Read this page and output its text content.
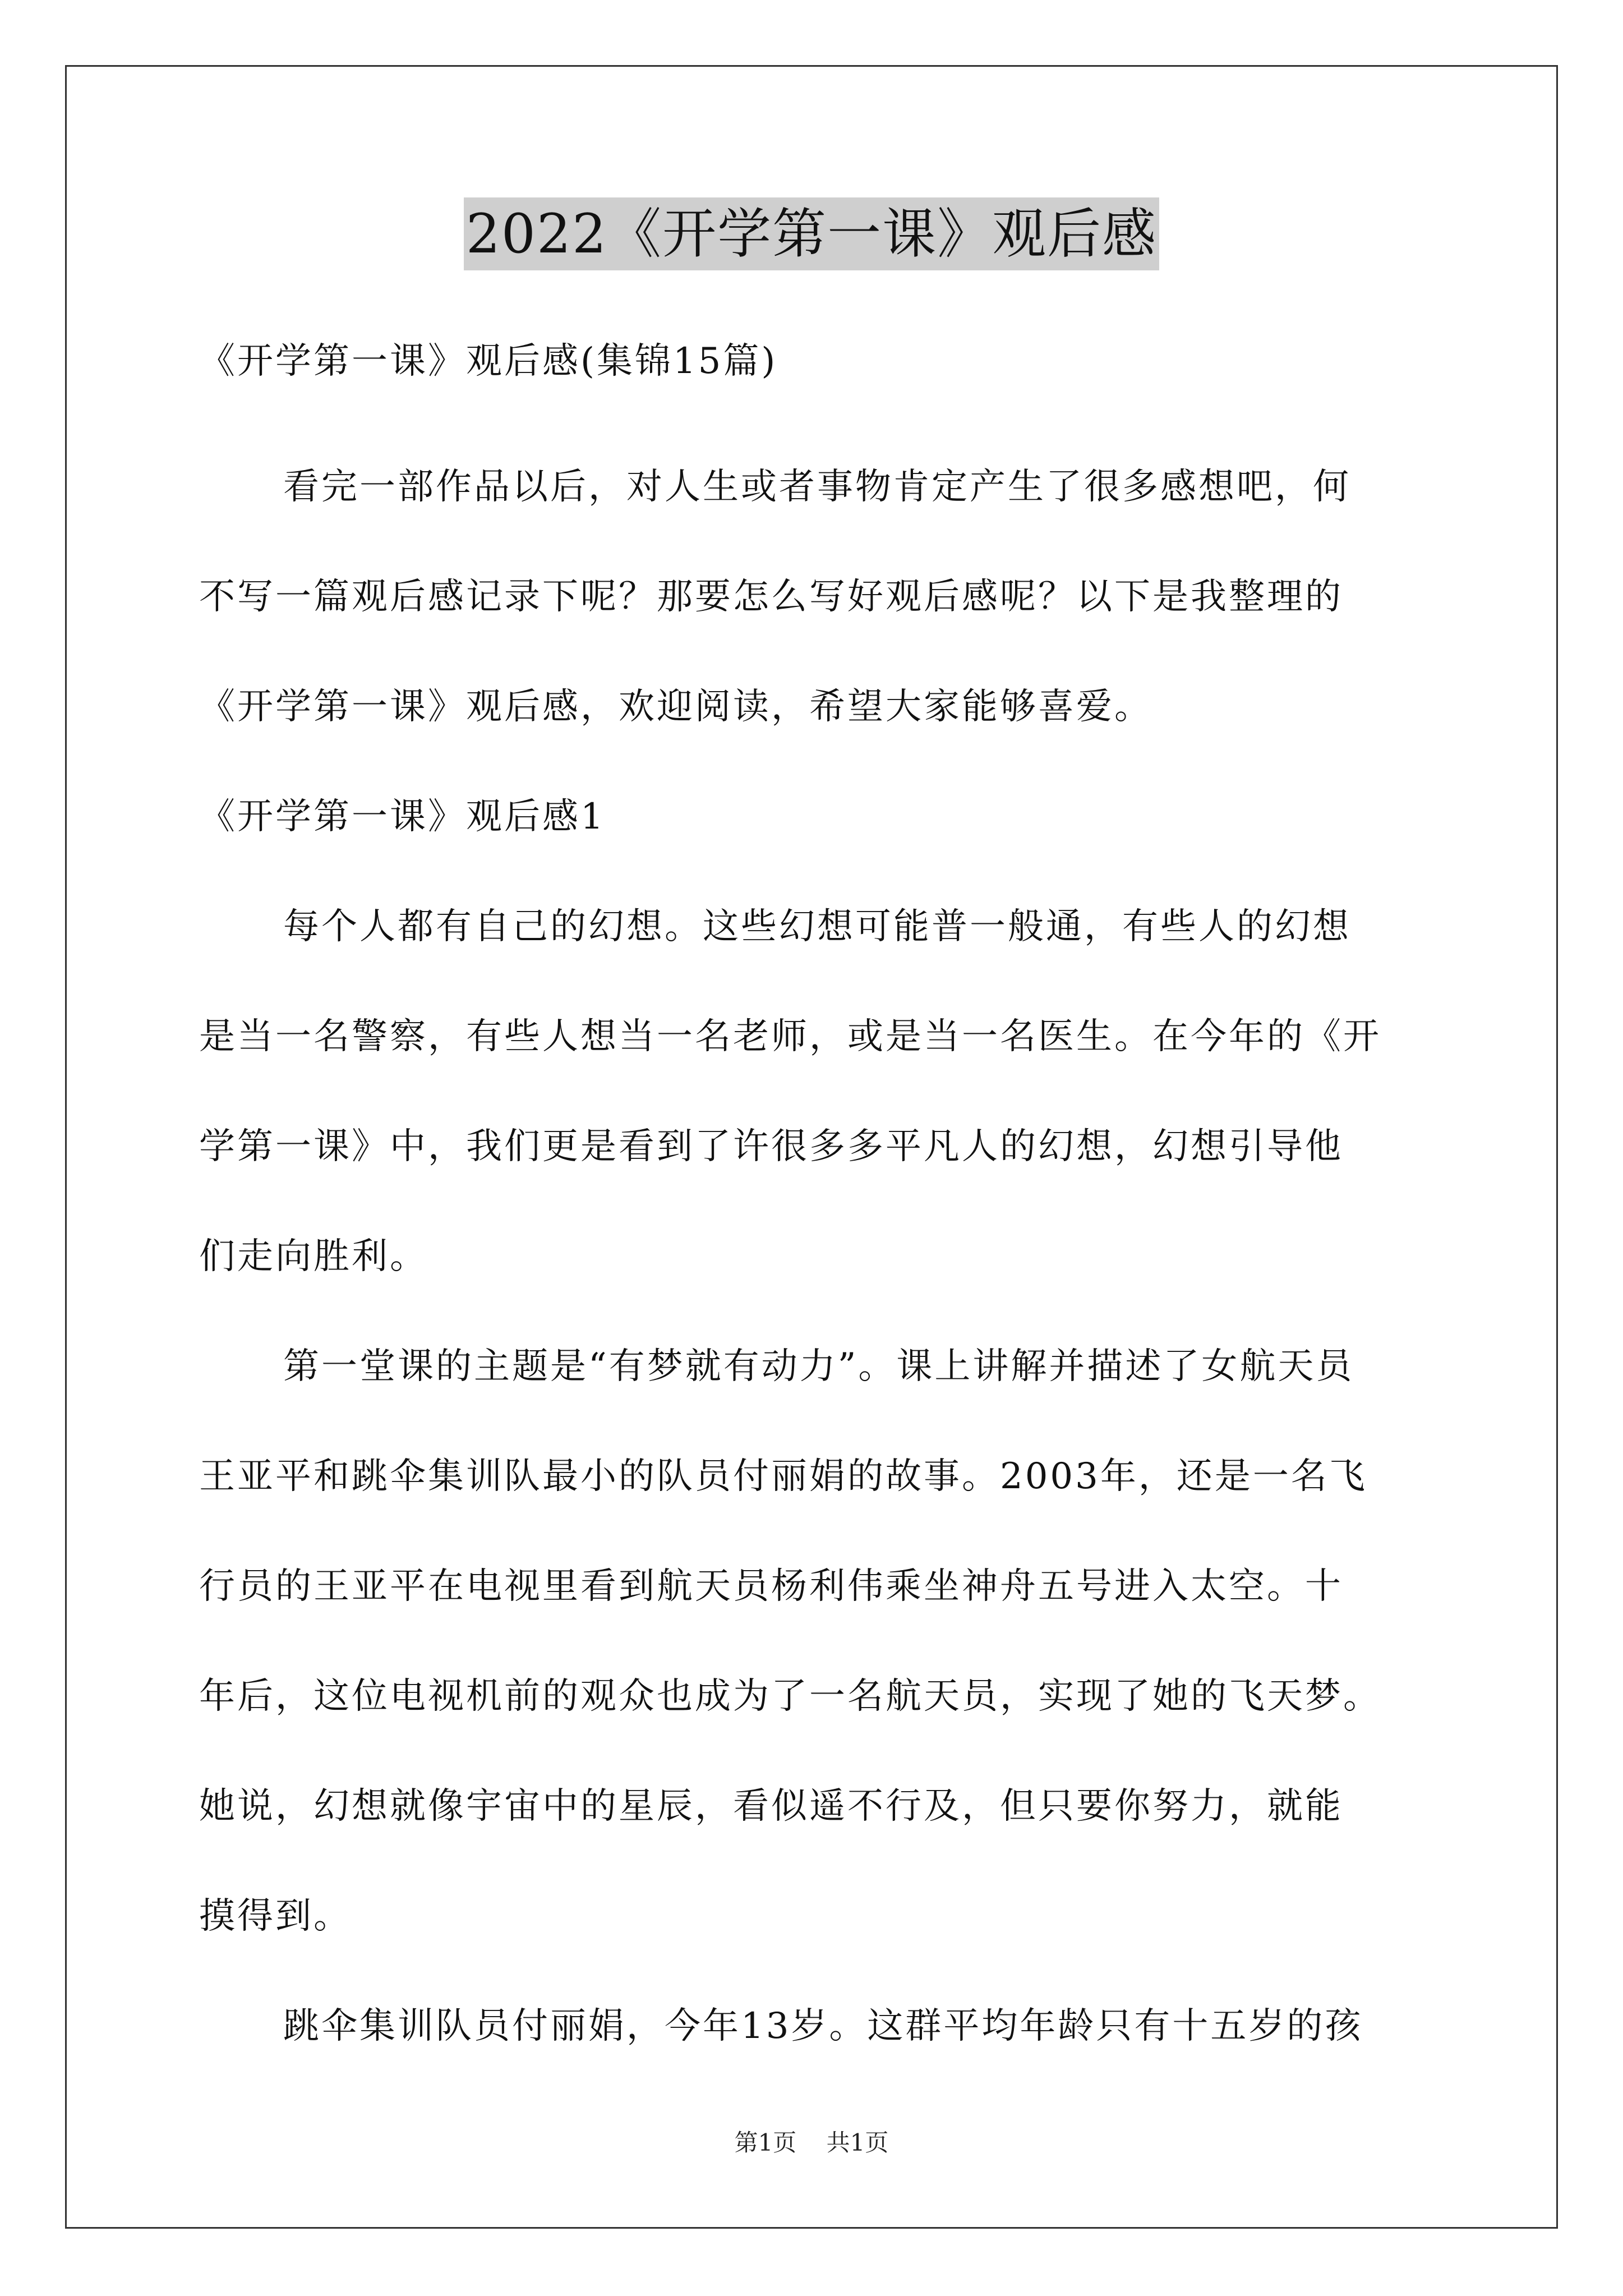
2022《开学第一课》观后感
《开学第一课》观后感(集锦15篇)
看完一部作品以后，对人生或者事物肯定产生了很多感想吧，何
不写一篇观后感记录下呢？那要怎么写好观后感呢？以下是我整理的
《开学第一课》观后感，欢迎阅读，希望大家能够喜爱。
《开学第一课》观后感1
每个人都有自己的幻想。这些幻想可能普一般通，有些人的幻想
是当一名警察，有些人想当一名老师，或是当一名医生。在今年的《开
学第一课》中，我们更是看到了许很多多平凡人的幻想，幻想引导他
们走向胜利。
第一堂课的主题是“有梦就有动力”。课上讲解并描述了女航天员
王亚平和跳伞集训队最小的队员付丽娟的故事。2003年，还是一名飞
行员的王亚平在电视里看到航天员杨利伟乘坐神舟五号进入太空。十
年后，这位电视机前的观众也成为了一名航天员，实现了她的飞天梦。
她说，幻想就像宇宙中的星辰，看似遥不行及，但只要你努力，就能
摸得到。
跳伞集训队员付丽娟，今年13岁。这群平均年龄只有十五岁的孩
第1页 共1页
